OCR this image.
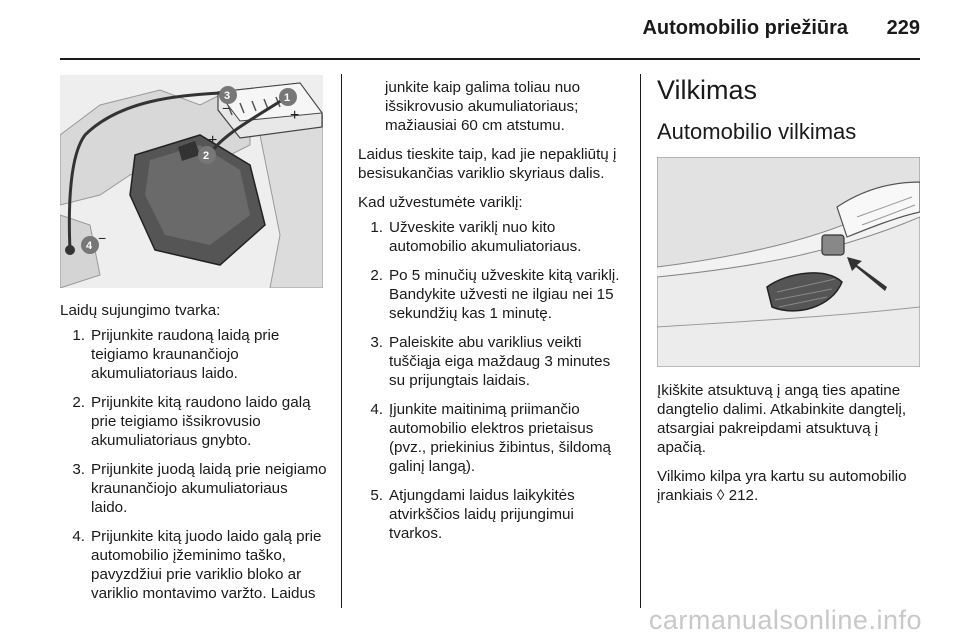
Automobilio priežiūra 229
3
−
1
+
2
+
4 −

Laidų sujungimo tvarka:

1. Prijunkite raudoną laidą prie teigiamo kraunančiojo akumuliatoriaus laido.
2. Prijunkite kitą raudono laido galą prie teigiamo išsikrovusio akumuliatoriaus gnybto.
3. Prijunkite juodą laidą prie neigiamo kraunančiojo akumuliatoriaus laido.
4. Prijunkite kitą juodo laido galą prie automobilio įžeminimo taško, pavyzdžiui prie variklio bloko ar variklio montavimo varžto. Laidus

junkite kaip galima toliau nuo išsikrovusio akumuliatoriaus; mažiausiai 60 cm atstumu.

Laidus tieskite taip, kad jie nepakliūtų į besisukančias variklio skyriaus dalis.

Kad užvestumėte variklį:

1. Užveskite variklį nuo kito automobilio akumuliatoriaus.
2. Po 5 minučių užveskite kitą variklį. Bandykite užvesti ne ilgiau nei 15 sekundžių kas 1 minutę.
3. Paleiskite abu variklius veikti tuščiąja eiga maždaug 3 minutes su prijungtais laidais.
4. Įjunkite maitinimą priimančio automobilio elektros prietaisus (pvz., priekinius žibintus, šildomą galinį langą).
5. Atjungdami laidus laikykitės atvirkščios laidų prijungimui tvarkos.
Vilkimas
Automobilio vilkimas

Įkiškite atsuktuvą į angą ties apatine dangtelio dalimi. Atkabinkite dangtelį, atsargiai pakreipdami atsuktuvą į apačią.

Vilkimo kilpa yra kartu su automobilio įrankiais ◊ 212.

carmanualsonline.info
